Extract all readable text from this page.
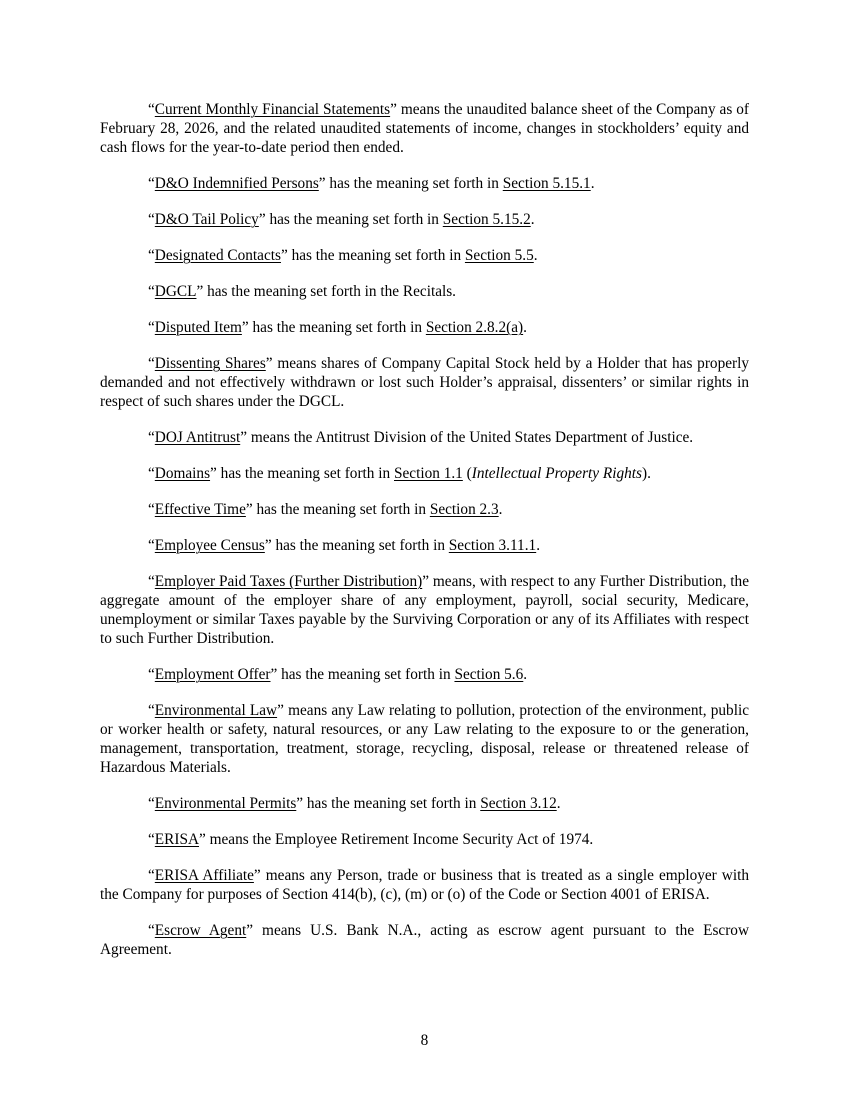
“Current Monthly Financial Statements” means the unaudited balance sheet of the Company as of February 28, 2026, and the related unaudited statements of income, changes in stockholders’ equity and cash flows for the year-to-date period then ended.

“D&O Indemnified Persons” has the meaning set forth in Section 5.15.1.

“D&O Tail Policy” has the meaning set forth in Section 5.15.2.

“Designated Contacts” has the meaning set forth in Section 5.5.

“DGCL” has the meaning set forth in the Recitals.

“Disputed Item” has the meaning set forth in Section 2.8.2(a).

“Dissenting Shares” means shares of Company Capital Stock held by a Holder that has properly demanded and not effectively withdrawn or lost such Holder’s appraisal, dissenters’ or similar rights in respect of such shares under the DGCL.

“DOJ Antitrust” means the Antitrust Division of the United States Department of Justice.

“Domains” has the meaning set forth in Section 1.1 (Intellectual Property Rights).

“Effective Time” has the meaning set forth in Section 2.3.

“Employee Census” has the meaning set forth in Section 3.11.1.

“Employer Paid Taxes (Further Distribution)” means, with respect to any Further Distribution, the aggregate amount of the employer share of any employment, payroll, social security, Medicare, unemployment or similar Taxes payable by the Surviving Corporation or any of its Affiliates with respect to such Further Distribution.

“Employment Offer” has the meaning set forth in Section 5.6.

“Environmental Law” means any Law relating to pollution, protection of the environment, public or worker health or safety, natural resources, or any Law relating to the exposure to or the generation, management, transportation, treatment, storage, recycling, disposal, release or threatened release of Hazardous Materials.

“Environmental Permits” has the meaning set forth in Section 3.12.

“ERISA” means the Employee Retirement Income Security Act of 1974.

“ERISA Affiliate” means any Person, trade or business that is treated as a single employer with the Company for purposes of Section 414(b), (c), (m) or (o) of the Code or Section 4001 of ERISA.

“Escrow Agent” means U.S. Bank N.A., acting as escrow agent pursuant to the Escrow Agreement.

8
